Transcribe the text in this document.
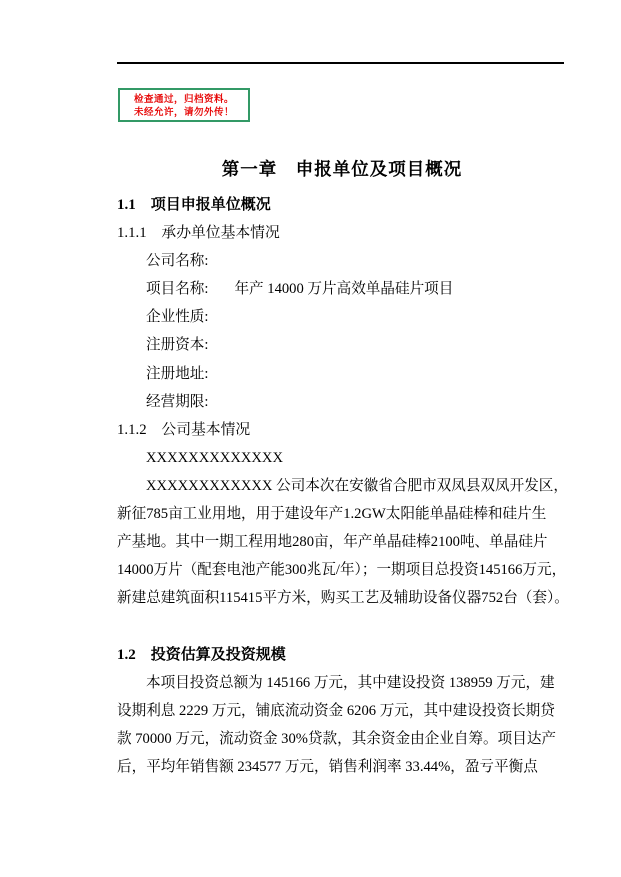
检查通过，归档资料。
未经允许，请勿外传！
第一章　申报单位及项目概况
1.1　项目申报单位概况
1.1.1　承办单位基本情况
公司名称:
项目名称: 年产 14000 万片高效单晶硅片项目
企业性质:
注册资本:
注册地址:
经营期限:
1.1.2　公司基本情况
XXXXXXXXXXXXX
XXXXXXXXXXXX 公司本次在安徽省合肥市双凤县双凤开发区，
新征785亩工业用地，用于建设年产1.2GW太阳能单晶硅棒和硅片生
产基地。其中一期工程用地280亩，年产单晶硅棒2100吨、单晶硅片
14000万片（配套电池产能300兆瓦/年）；一期项目总投资145166万元，
新建总建筑面积115415平方米，购买工艺及辅助设备仪器752台（套）。
1.2　投资估算及投资规模
本项目投资总额为 145166 万元，其中建设投资 138959 万元，建
设期利息 2229 万元，铺底流动资金 6206 万元，其中建设投资长期贷
款 70000 万元，流动资金 30%贷款，其余资金由企业自筹。项目达产
后，平均年销售额 234577 万元，销售利润率 33.44%，盈亏平衡点
